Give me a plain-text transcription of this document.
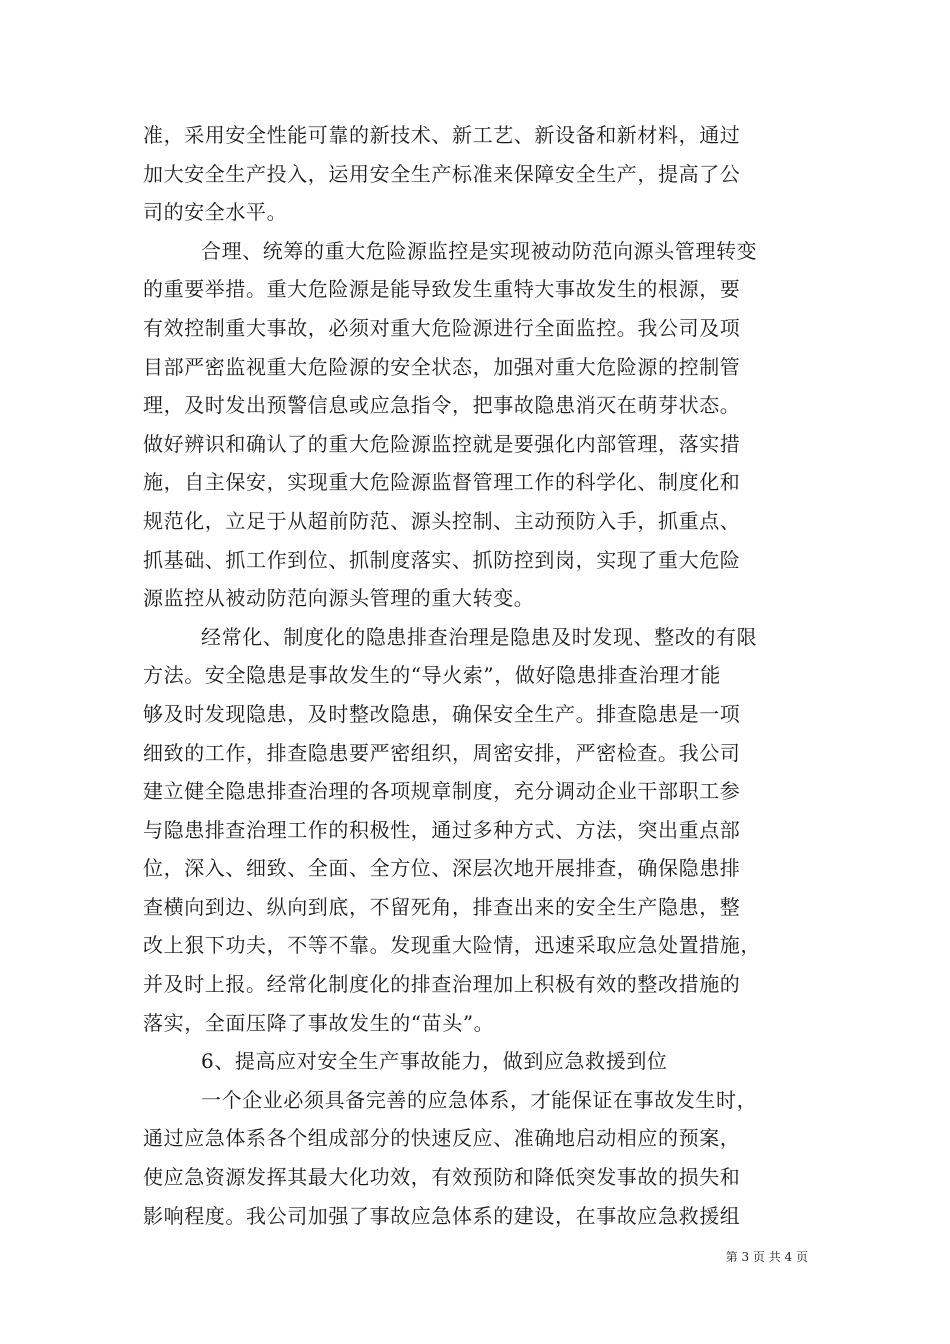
准，采用安全性能可靠的新技术、新工艺、新设备和新材料，通过
加大安全生产投入，运用安全生产标准来保障安全生产，提高了公
司的安全水平。
合理、统筹的重大危险源监控是实现被动防范向源头管理转变
的重要举措。重大危险源是能导致发生重特大事故发生的根源，要
有效控制重大事故，必须对重大危险源进行全面监控。我公司及项
目部严密监视重大危险源的安全状态，加强对重大危险源的控制管
理，及时发出预警信息或应急指令，把事故隐患消灭在萌芽状态。
做好辨识和确认了的重大危险源监控就是要强化内部管理，落实措
施，自主保安，实现重大危险源监督管理工作的科学化、制度化和
规范化，立足于从超前防范、源头控制、主动预防入手，抓重点、
抓基础、抓工作到位、抓制度落实、抓防控到岗，实现了重大危险
源监控从被动防范向源头管理的重大转变。
经常化、制度化的隐患排查治理是隐患及时发现、整改的有限
方法。安全隐患是事故发生的“导火索”，做好隐患排查治理才能
够及时发现隐患，及时整改隐患，确保安全生产。排查隐患是一项
细致的工作，排查隐患要严密组织，周密安排，严密检查。我公司
建立健全隐患排查治理的各项规章制度，充分调动企业干部职工参
与隐患排查治理工作的积极性，通过多种方式、方法，突出重点部
位，深入、细致、全面、全方位、深层次地开展排查，确保隐患排
查横向到边、纵向到底，不留死角，排查出来的安全生产隐患，整
改上狠下功夫，不等不靠。发现重大险情，迅速采取应急处置措施，
并及时上报。经常化制度化的排查治理加上积极有效的整改措施的
落实，全面压降了事故发生的“苗头”。
6、提高应对安全生产事故能力，做到应急救援到位
一个企业必须具备完善的应急体系，才能保证在事故发生时，
通过应急体系各个组成部分的快速反应、准确地启动相应的预案，
使应急资源发挥其最大化功效，有效预防和降低突发事故的损失和
影响程度。我公司加强了事故应急体系的建设，在事故应急救援组
第 3 页 共 4 页
